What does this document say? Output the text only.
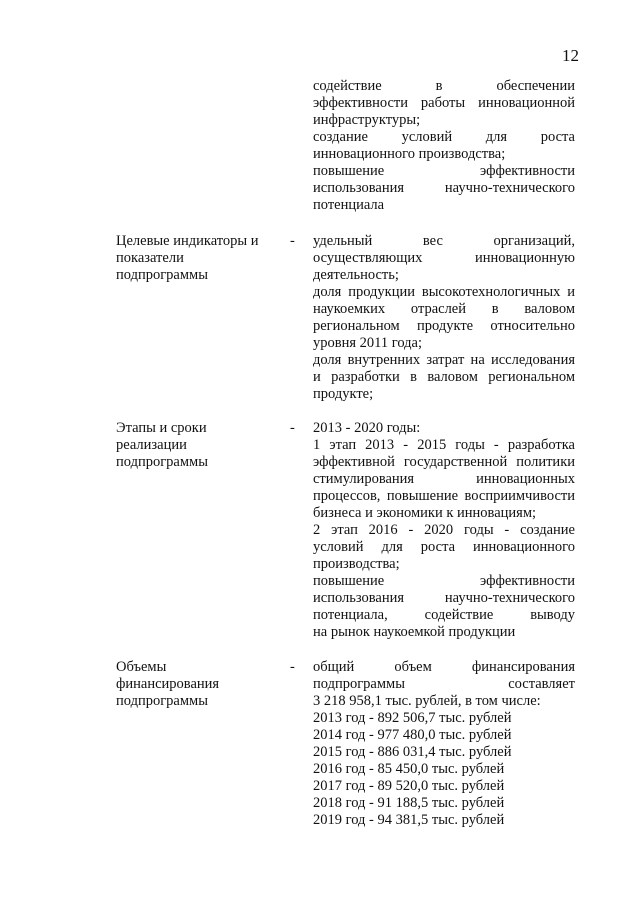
12

содействие в обеспечении

эффективности работы инновационной

инфраструктуры;

создание условий для роста

инновационного производства;

повышение эффективности

использования научно-технического

потенциала

Целевые индикаторы и
показатели
подпрограммы
- удельный вес организаций,

осуществляющих инновационную

деятельность;

доля продукции высокотехнологичных и

наукоемких отраслей в валовом

региональном продукте относительно

уровня 2011 года;

доля внутренних затрат на исследования

и разработки в валовом региональном

продукте;

Этапы и сроки
реализации
подпрограммы
- 2013 - 2020 годы:

1 этап 2013 - 2015 годы - разработка

эффективной государственной политики

стимулирования инновационных

процессов, повышение восприимчивости

бизнеса и экономики к инновациям;

2 этап 2016 - 2020 годы - создание

условий для роста инновационного

производства;

повышение эффективности

использования научно-технического

потенциала, содействие выводу

на рынок наукоемкой продукции

Объемы
финансирования
подпрограммы
- общий объем финансирования

подпрограммы составляет

3 218 958,1 тыс. рублей, в том числе:

2013 год - 892 506,7 тыс. рублей

2014 год - 977 480,0 тыс. рублей

2015 год - 886 031,4 тыс. рублей

2016 год - 85 450,0 тыс. рублей

2017 год - 89 520,0 тыс. рублей

2018 год - 91 188,5 тыс. рублей

2019 год - 94 381,5 тыс. рублей
